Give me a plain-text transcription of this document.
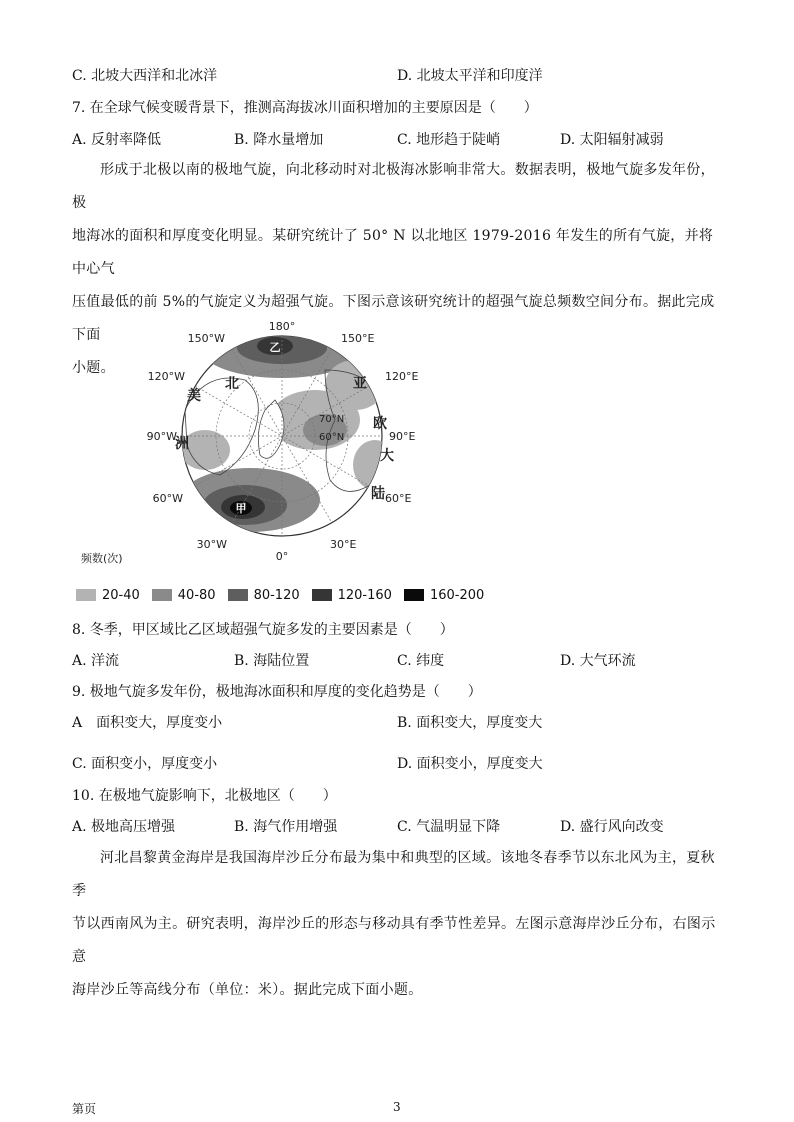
C. 北坡大西洋和北冰洋	D. 北坡太平洋和印度洋
7. 在全球气候变暖背景下，推测高海拔冰川面积增加的主要原因是（　　）
A. 反射率降低	B. 降水量增加	C. 地形趋于陡峭	D. 太阳辐射减弱

形成于北极以南的极地气旋，向北移动时对北极海冰影响非常大。数据表明，极地气旋多发年份，极

地海冰的面积和厚度变化明显。某研究统计了 50° N 以北地区 1979-2016 年发生的所有气旋，并将中心气

压值最低的前 5%的气旋定义为超强气旋。下图示意该研究统计的超强气旋总频数空间分布。据此完成下面

小题。

乙
甲
北
美
洲
亚
欧
大
陆
70°N
60°N
180°
150°W	150°E
120°W	120°E
90°W	90°E
60°W	60°E
30°W	30°E
0°
频数(次)
20-40	40-80	80-120	120-160	160-200
8. 冬季，甲区域比乙区域超强气旋多发的主要因素是（　　）
A. 洋流	B. 海陆位置	C. 纬度	D. 大气环流
9. 极地气旋多发年份，极地海冰面积和厚度的变化趋势是（　　）
A　面积变大，厚度变小	B. 面积变大，厚度变大
C. 面积变小，厚度变小	D. 面积变小，厚度变大
10. 在极地气旋影响下，北极地区（　　）
A. 极地高压增强	B. 海气作用增强	C. 气温明显下降	D. 盛行风向改变

河北昌黎黄金海岸是我国海岸沙丘分布最为集中和典型的区域。该地冬春季节以东北风为主，夏秋季

节以西南风为主。研究表明，海岸沙丘的形态与移动具有季节性差异。左图示意海岸沙丘分布，右图示意

海岸沙丘等高线分布（单位：米）。据此完成下面小题。

第页	3
